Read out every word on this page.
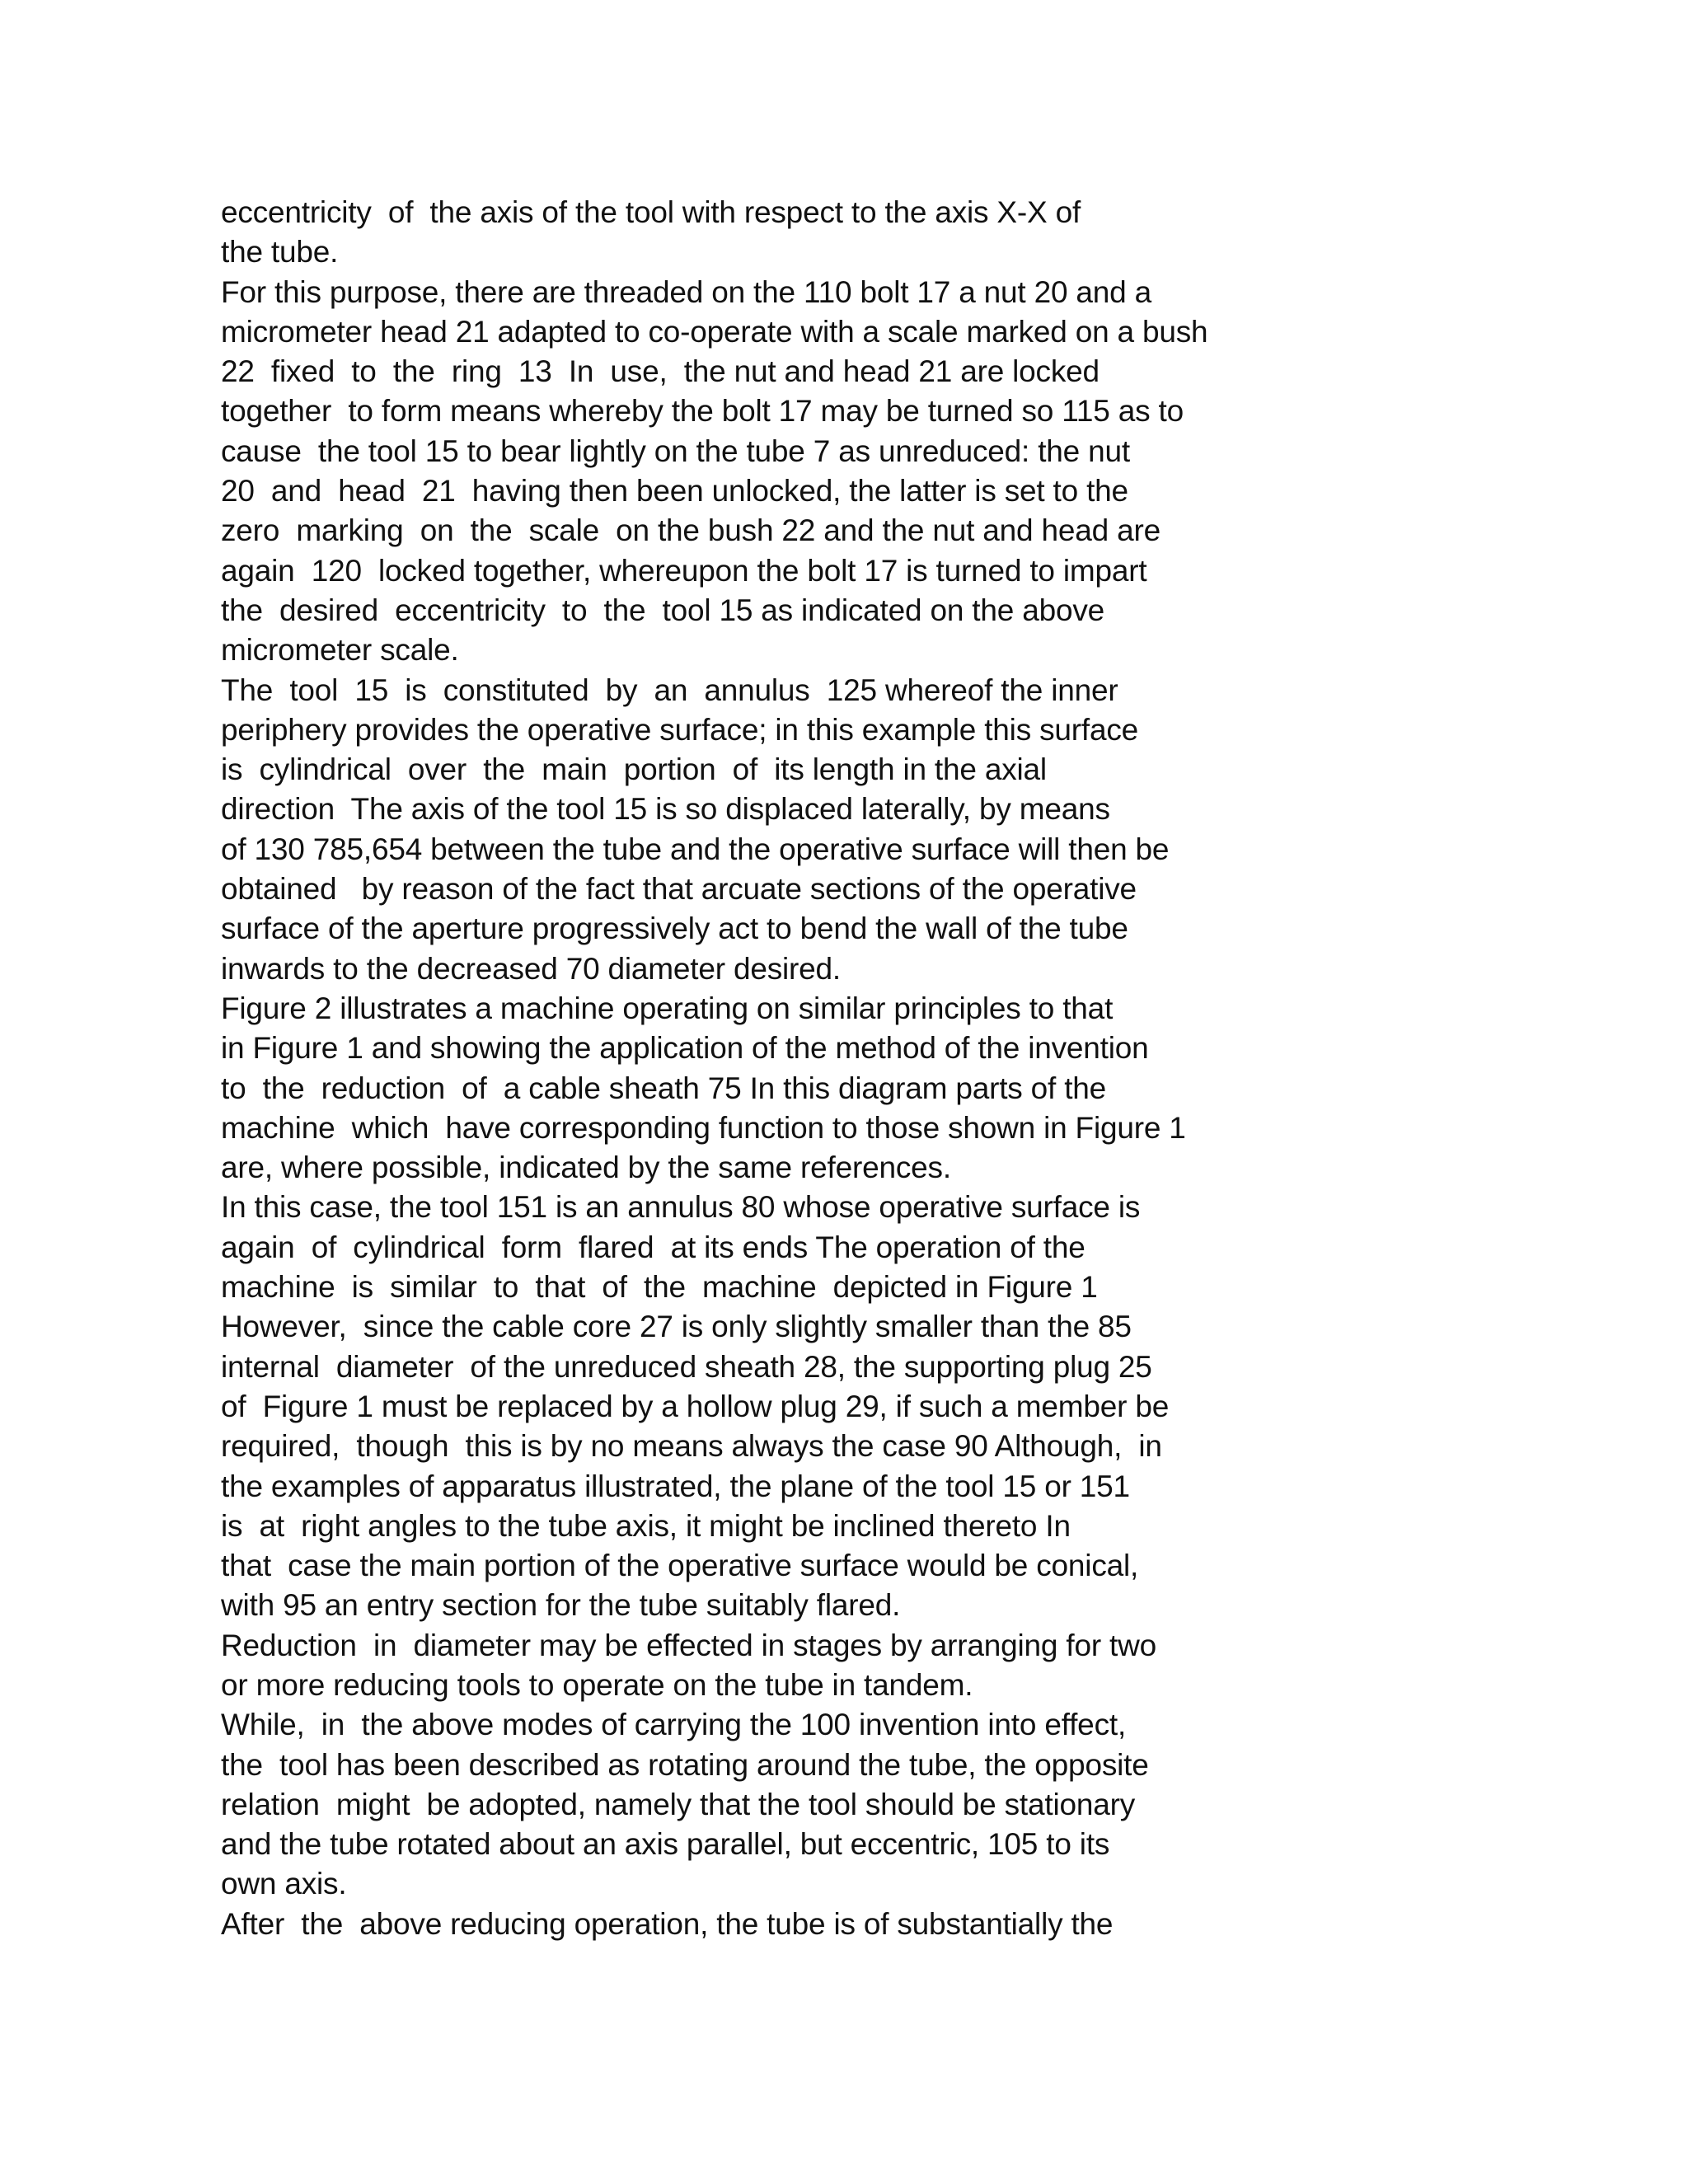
eccentricity  of  the axis of the tool with respect to the axis X-X of
the tube.
For this purpose, there are threaded on the 110 bolt 17 a nut 20 and a
micrometer head 21 adapted to co-operate with a scale marked on a bush
22  fixed  to  the  ring  13  In  use,  the nut and head 21 are locked
together  to form means whereby the bolt 17 may be turned so 115 as to
cause  the tool 15 to bear lightly on the tube 7 as unreduced: the nut
20  and  head  21  having then been unlocked, the latter is set to the
zero  marking  on  the  scale  on the bush 22 and the nut and head are
again  120  locked together, whereupon the bolt 17 is turned to impart
the  desired  eccentricity  to  the  tool 15 as indicated on the above
micrometer scale.
The  tool  15  is  constituted  by  an  annulus  125 whereof the inner
periphery provides the operative surface; in this example this surface
is  cylindrical  over  the  main  portion  of  its length in the axial
direction  The axis of the tool 15 is so displaced laterally, by means
of 130 785,654 between the tube and the operative surface will then be
obtained   by reason of the fact that arcuate sections of the operative
surface of the aperture progressively act to bend the wall of the tube
inwards to the decreased 70 diameter desired.
Figure 2 illustrates a machine operating on similar principles to that
in Figure 1 and showing the application of the method of the invention
to  the  reduction  of  a cable sheath 75 In this diagram parts of the
machine  which  have corresponding function to those shown in Figure 1
are, where possible, indicated by the same references.
In this case, the tool 151 is an annulus 80 whose operative surface is
again  of  cylindrical  form  flared  at its ends The operation of the
machine  is  similar  to  that  of  the  machine  depicted in Figure 1
However,  since the cable core 27 is only slightly smaller than the 85
internal  diameter  of the unreduced sheath 28, the supporting plug 25
of  Figure 1 must be replaced by a hollow plug 29, if such a member be
required,  though  this is by no means always the case 90 Although,  in
the examples of apparatus illustrated, the plane of the tool 15 or 151
is  at  right angles to the tube axis, it might be inclined thereto In
that  case the main portion of the operative surface would be conical,
with 95 an entry section for the tube suitably flared.
Reduction  in  diameter may be effected in stages by arranging for two
or more reducing tools to operate on the tube in tandem.
While,  in  the above modes of carrying the 100 invention into effect,
the  tool has been described as rotating around the tube, the opposite
relation  might  be adopted, namely that the tool should be stationary
and the tube rotated about an axis parallel, but eccentric, 105 to its
own axis.
After  the  above reducing operation, the tube is of substantially the
